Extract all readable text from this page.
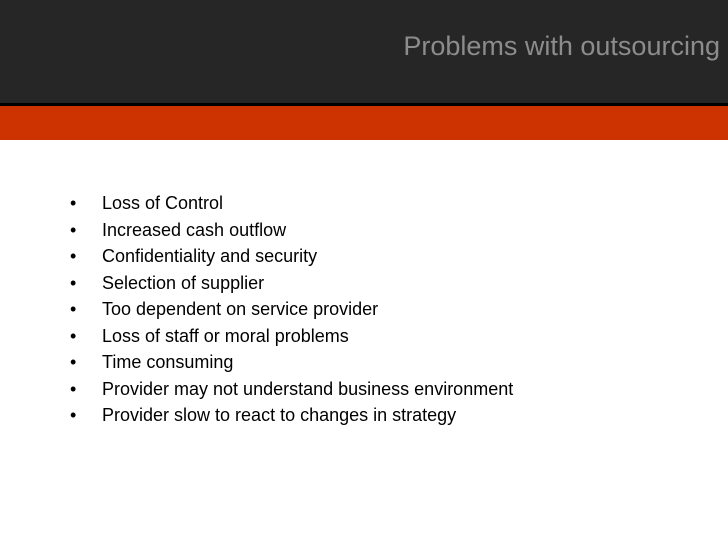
Problems with outsourcing
• Loss of Control
• Increased cash outflow
• Confidentiality and security
• Selection of supplier
• Too dependent on service provider
• Loss of staff or moral problems
• Time consuming
• Provider may not understand business environment
• Provider slow to react to changes in strategy
